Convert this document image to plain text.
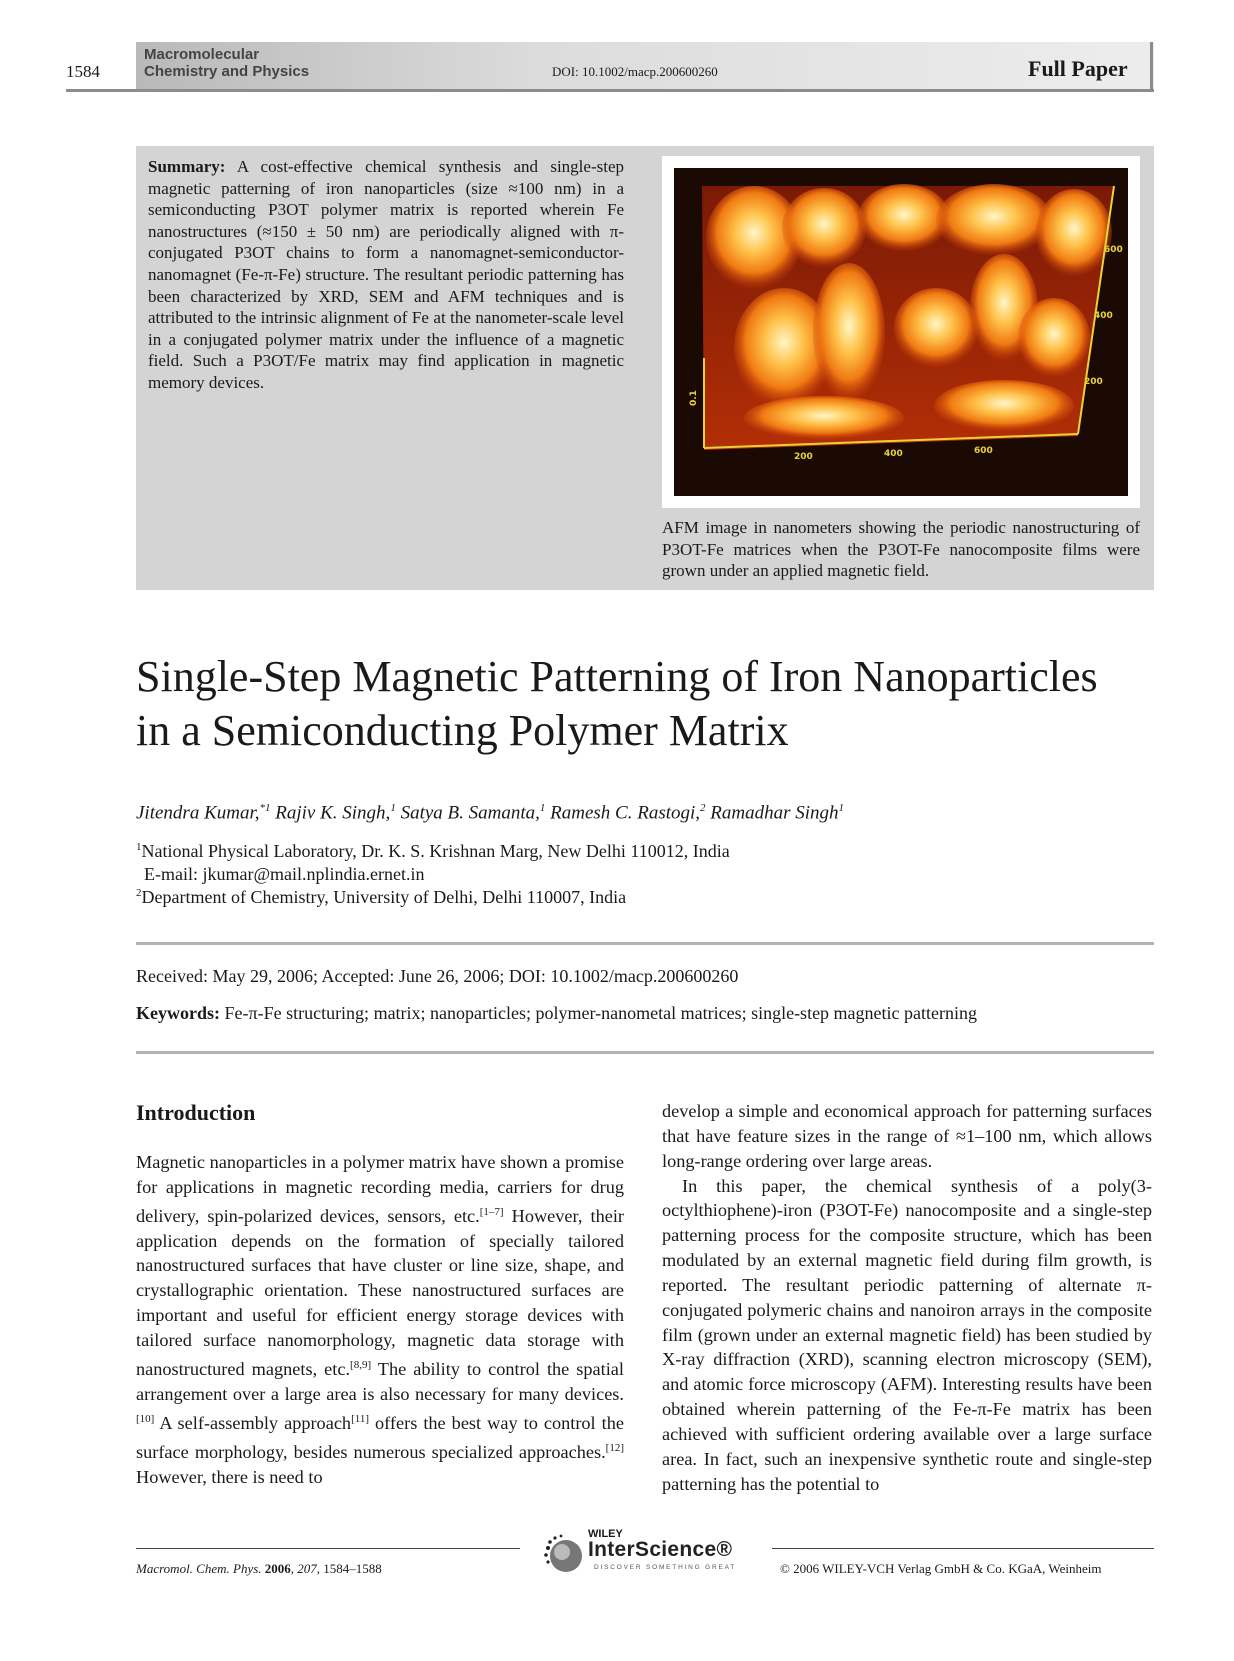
1584
Macromolecular
Chemistry and Physics	DOI: 10.1002/macp.200600260	Full Paper
Summary: A cost-effective chemical synthesis and single-step magnetic patterning of iron nanoparticles (size ≈100 nm) in a semiconducting P3OT polymer matrix is reported wherein Fe nanostructures (≈150 ± 50 nm) are periodically aligned with π-conjugated P3OT chains to form a nanomagnet-semiconductor-nanomagnet (Fe-π-Fe) structure. The resultant periodic patterning has been characterized by XRD, SEM and AFM techniques and is attributed to the intrinsic alignment of Fe at the nanometer-scale level in a conjugated polymer matrix under the influence of a magnetic field. Such a P3OT/Fe matrix may find application in magnetic memory devices.
200	400	600
600
400
200
0.1
AFM image in nanometers showing the periodic nanostructuring of P3OT-Fe matrices when the P3OT-Fe nanocomposite films were grown under an applied magnetic field.
Single-Step Magnetic Patterning of Iron Nanoparticles
in a Semiconducting Polymer Matrix
Jitendra Kumar,$^{*1}$ Rajiv K. Singh,$^1$ Satya B. Samanta,$^1$ Ramesh C. Rastogi,$^2$ Ramadhar Singh$^1$
$^1$National Physical Laboratory, Dr. K. S. Krishnan Marg, New Delhi 110012, India
E-mail: jkumar@mail.nplindia.ernet.in
$^2$Department of Chemistry, University of Delhi, Delhi 110007, India
Received: May 29, 2006; Accepted: June 26, 2006; DOI: 10.1002/macp.200600260
Keywords: Fe-π-Fe structuring; matrix; nanoparticles; polymer-nanometal matrices; single-step magnetic patterning
Introduction
Magnetic nanoparticles in a polymer matrix have shown a promise for applications in magnetic recording media, carriers for drug delivery, spin-polarized devices, sensors, etc.[1–7] However, their application depends on the formation of specially tailored nanostructured surfaces that have cluster or line size, shape, and crystallographic orientation. These nanostructured surfaces are important and useful for efficient energy storage devices with tailored surface nanomorphology, magnetic data storage with nanostructured magnets, etc.[8,9] The ability to control the spatial arrangement over a large area is also necessary for many devices.[10] A self-assembly approach[11] offers the best way to control the surface morphology, besides numerous specialized approaches.[12] However, there is need to
develop a simple and economical approach for patterning surfaces that have feature sizes in the range of ≈1–100 nm, which allows long-range ordering over large areas.
In this paper, the chemical synthesis of a poly(3-octylthiophene)-iron (P3OT-Fe) nanocomposite and a single-step patterning process for the composite structure, which has been modulated by an external magnetic field during film growth, is reported. The resultant periodic patterning of alternate π-conjugated polymeric chains and nanoiron arrays in the composite film (grown under an external magnetic field) has been studied by X-ray diffraction (XRD), scanning electron microscopy (SEM), and atomic force microscopy (AFM). Interesting results have been obtained wherein patterning of the Fe-π-Fe matrix has been achieved with sufficient ordering available over a large surface area. In fact, such an inexpensive synthetic route and single-step patterning has the potential to
Macromol. Chem. Phys. 2006, 207, 1584–1588
WILEY
InterScience®
DISCOVER SOMETHING GREAT	© 2006 WILEY-VCH Verlag GmbH & Co. KGaA, Weinheim
